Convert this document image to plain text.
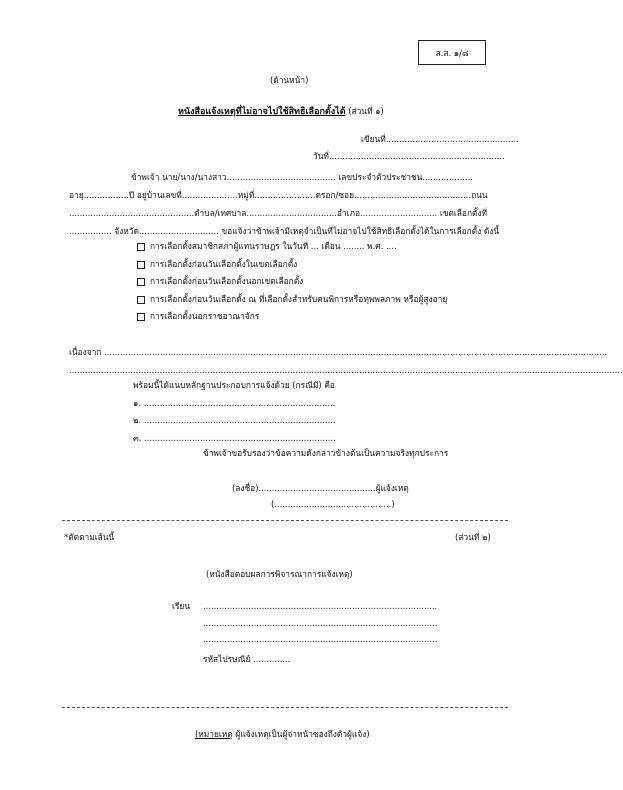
ส.ส. ๑/๘
(ด้านหน้า)
หนังสือแจ้งเหตุที่ไม่อาจไปใช้สิทธิเลือกตั้งได้ (ส่วนที่ ๑)
เขียนที่..................................................
วันที่..................................................................
ข้าพเจ้า นาย/นาง/นางสาว......................................... เลขประจำตัวประชาชน...................
อายุ.................ปี อยู่บ้านเลขที่.....................หมู่ที่.......................ตรอก/ซอย............................................ถนน
...............................................ตำบล/เทศบาล..................................อำเภอ............................. เขตเลือกตั้งที่
................ จังหวัด.............................. ขอแจ้งว่าข้าพเจ้ามีเหตุจำเป็นที่ไม่อาจไปใช้สิทธิเลือกตั้งได้ในการเลือกตั้ง ดังนี้
การเลือกตั้งสมาชิกสภาผู้แทนราษฎร ในวันที่ ... เดือน ........ พ.ศ. ....
การเลือกตั้งก่อนวันเลือกตั้งในเขตเลือกตั้ง
การเลือกตั้งก่อนวันเลือกตั้งนอกเขตเลือกตั้ง
การเลือกตั้งก่อนวันเลือกตั้ง ณ ที่เลือกตั้งสำหรับคนพิการหรือทุพพลภาพ หรือผู้สูงอายุ
การเลือกตั้งนอกราชอาณาจักร
เนื่องจาก .............................................................................................................................................................................................
................................................................................................................................................................................................................
พร้อมนี้ได้แนบหลักฐานประกอบการแจ้งด้วย (กรณีมี) คือ
๑. ........................................................................
๒. ........................................................................
๓. ........................................................................
ข้าพเจ้าขอรับรองว่าข้อความดังกล่าวข้างต้นเป็นความจริงทุกประการ
(ลงชื่อ)............................................ผู้แจ้งเหตุ
(............................................)
*ตัดตามเส้นนี้	(ส่วนที่ ๒)
(หนังสือตอบผลการพิจารณาการแจ้งเหตุ)
เรียน ........................................................................................
........................................................................................
........................................................................................
รหัสไปรษณีย์ ..............
(หมายเหตุ ผู้แจ้งเหตุเป็นผู้จ่าหน้าซองถึงตัวผู้แจ้ง)
